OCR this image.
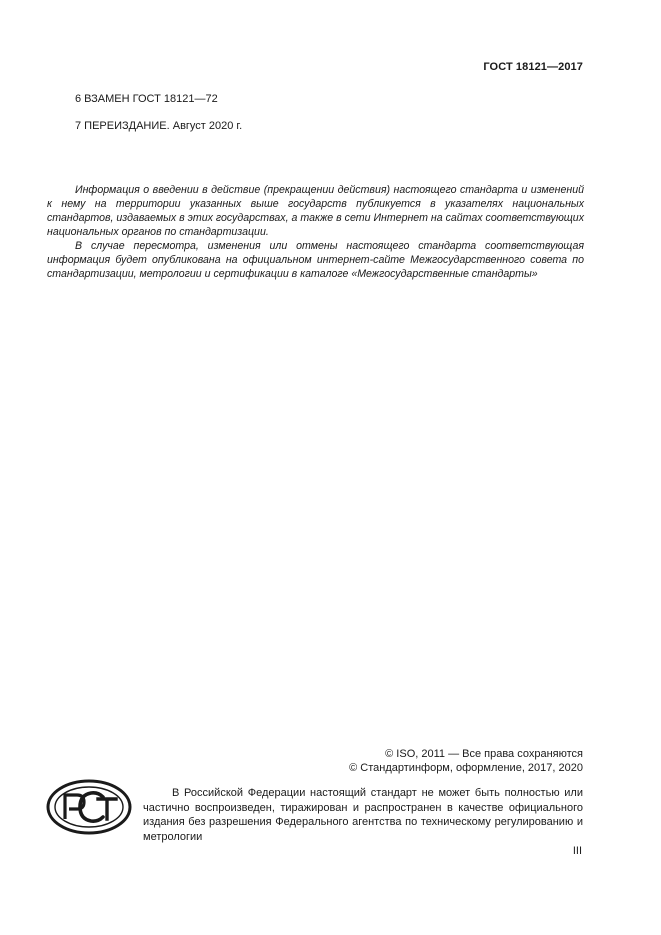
ГОСТ 18121—2017
6 ВЗАМЕН ГОСТ 18121—72
7 ПЕРЕИЗДАНИЕ. Август 2020 г.

Информация о введении в действие (прекращении действия) настоящего стандарта и изменений к нему на территории указанных выше государств публикуется в указателях национальных стандартов, издаваемых в этих государствах, а также в сети Интернет на сайтах соответствующих национальных органов по стандартизации.

В случае пересмотра, изменения или отмены настоящего стандарта соответствующая информация будет опубликована на официальном интернет-сайте Межгосударственного совета по стандартизации, метрологии и сертификации в каталоге «Межгосударственные стандарты»

© ISO, 2011 — Все права сохраняются
© Стандартинформ, оформление, 2017, 2020

В Российской Федерации настоящий стандарт не может быть полностью или частично воспроизведен, тиражирован и распространен в качестве официального издания без разрешения Федерального агентства по техническому регулированию и метрологии

III
